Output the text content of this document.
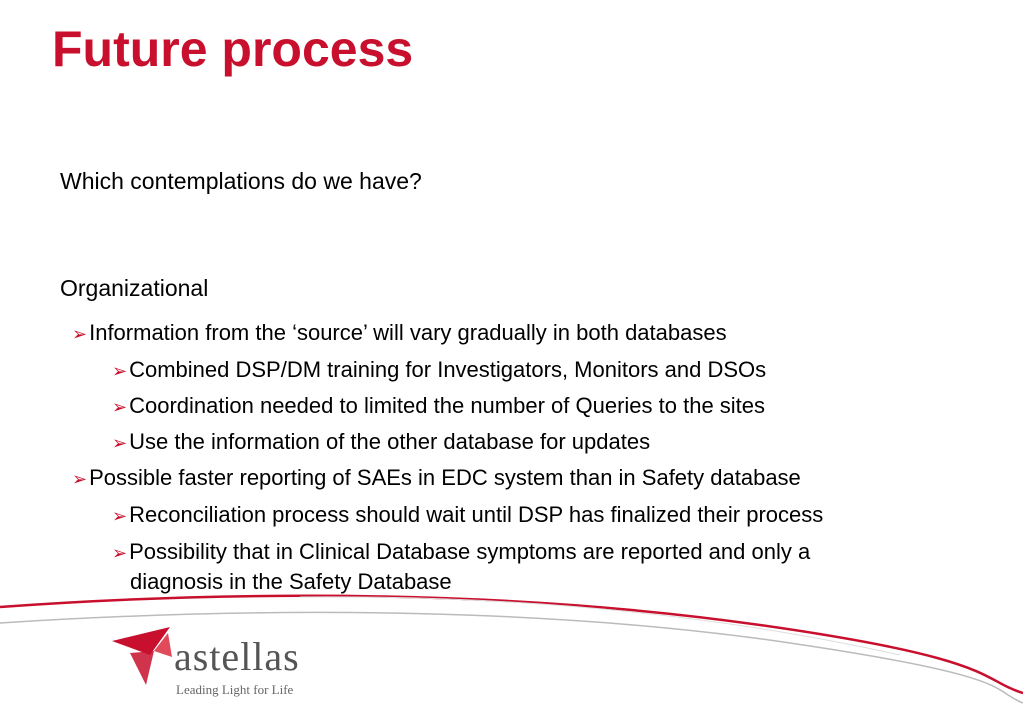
Future process
Which contemplations do we have?
Organizational
➢Information from the ‘source’ will vary gradually in both databases
➢Combined DSP/DM training for Investigators, Monitors and DSOs
➢Coordination needed to limited the number of Queries to the sites
➢Use the information of the other database for updates
➢Possible faster reporting of SAEs in EDC system than in Safety database
➢Reconciliation process should wait until DSP has finalized their process
➢Possibility that in Clinical Database symptoms are reported and only a
diagnosis in the Safety Database
astellas
Leading Light for Life
